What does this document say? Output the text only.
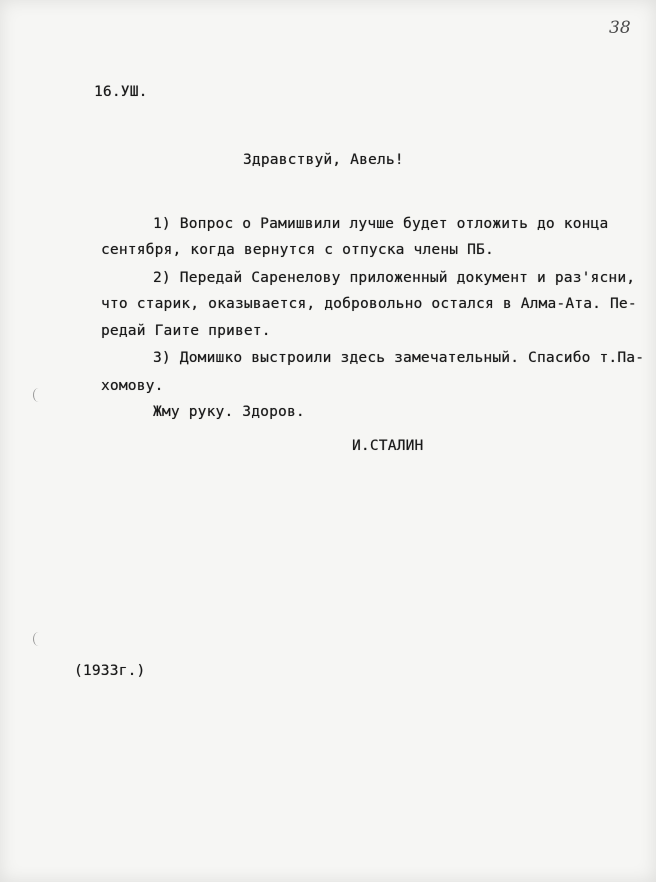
38
16.УШ.
Здравствуй, Авель!
1) Вопрос о Рамишвили лучше будет отложить до конца
сентября, когда вернутся с отпуска члены ПБ.
2) Передай Саренелову приложенный документ и раз'ясни,
что старик, оказывается, добровольно остался в Алма-Ата. Пе-
редай Гаите привет.
3) Домишко выстроили здесь замечательный. Спасибо т.Па-
хомову.
Жму руку. Здоров.
И.СТАЛИН
(1933г.)
